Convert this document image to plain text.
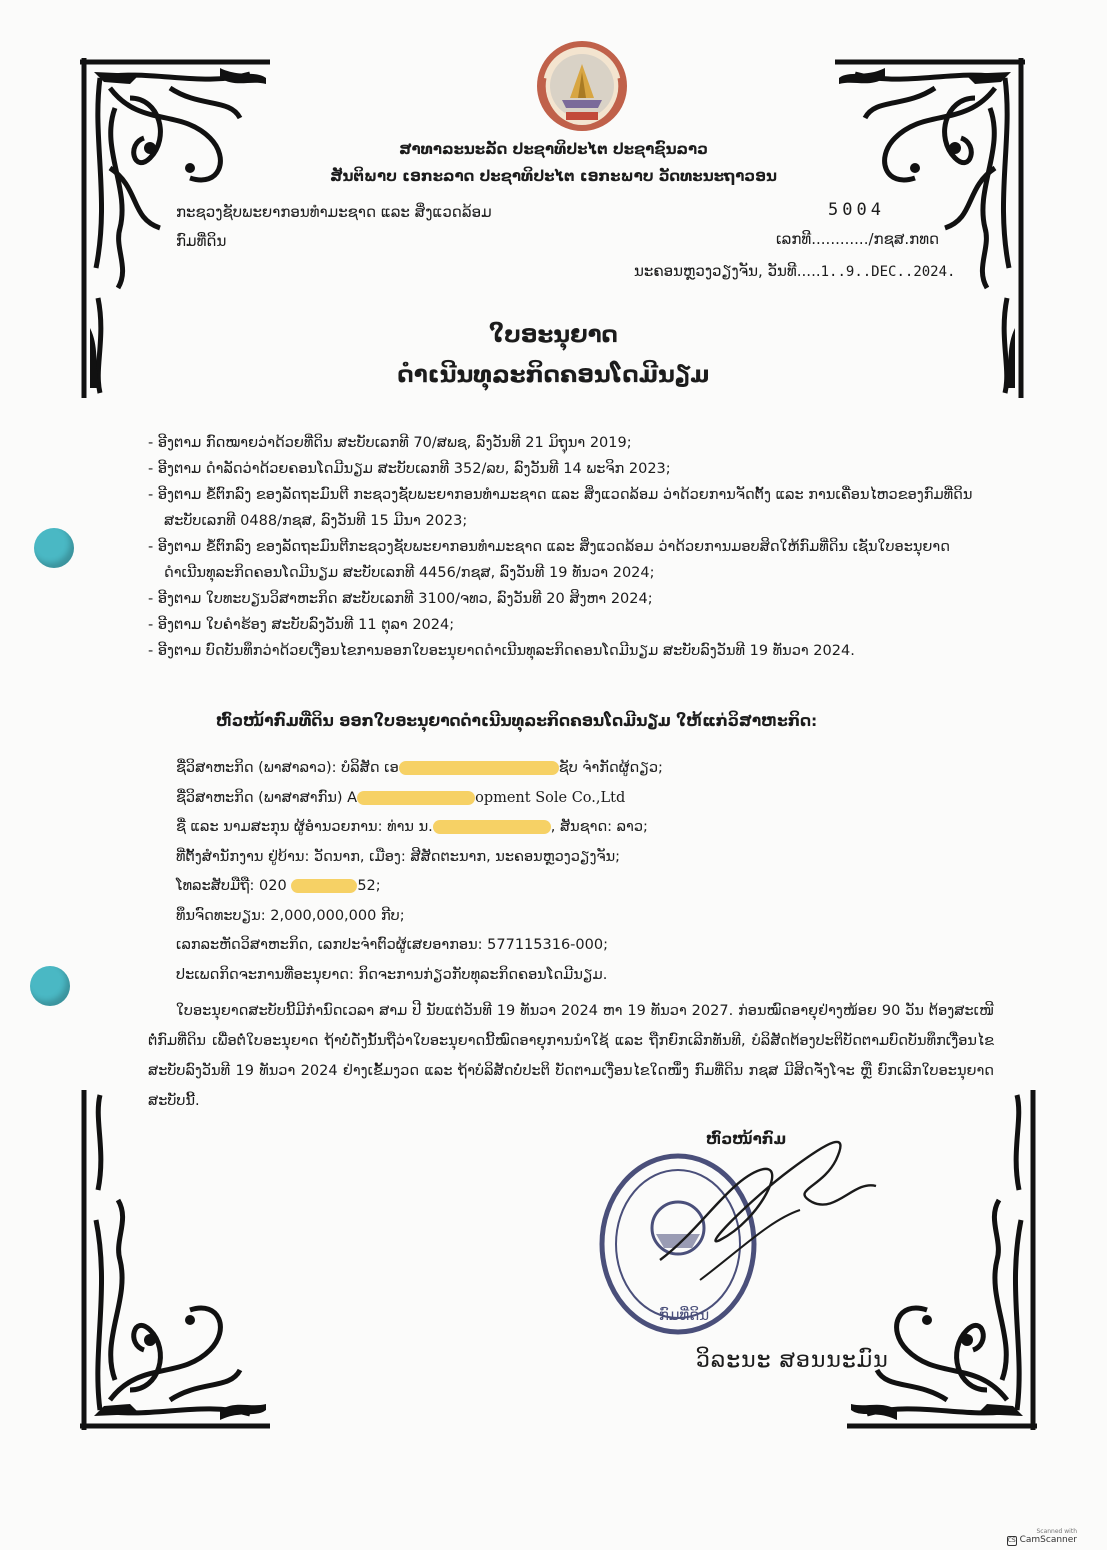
ສາທາລະນະລັດ ປະຊາທິປະໄຕ ປະຊາຊົນລາວ
ສັນຕິພາບ ເອກະລາດ ປະຊາທິປະໄຕ ເອກະພາບ ວັດທະນະຖາວອນ
ກະຊວງຊັບພະຍາກອນທຳມະຊາດ ແລະ ສິ່ງແວດລ້ອມ
ກົມທີ່ດິນ
5004
ເລກທີ............/ກຊສ.ກທດ
ນະຄອນຫຼວງວຽງຈັນ, ວັນທີ.....1..9..DEC..2024.
ໃບອະນຸຍາດ
ດຳເນີນທຸລະກິດຄອນໂດມີນຽມ

- ອີງຕາມ ກົດໝາຍວ່າດ້ວຍທີ່ດິນ ສະບັບເລກທີ 70/ສພຊ, ລົງວັນທີ 21 ມິຖຸນາ 2019;

- ອີງຕາມ ດຳລັດວ່າດ້ວຍຄອນໂດມີນຽມ ສະບັບເລກທີ 352/ລບ, ລົງວັນທີ 14 ພະຈິກ 2023;

- ອີງຕາມ ຂໍ້ຕົກລົງ ຂອງລັດຖະມົນຕີ ກະຊວງຊັບພະຍາກອນທຳມະຊາດ ແລະ ສິ່ງແວດລ້ອມ ວ່າດ້ວຍການຈັດຕັ້ງ ແລະ ການເຄື່ອນໄຫວຂອງກົມທີ່ດິນ ສະບັບເລກທີ 0488/ກຊສ, ລົງວັນທີ 15 ມີນາ 2023;

- ອີງຕາມ ຂໍ້ຕົກລົງ ຂອງລັດຖະມົນຕີກະຊວງຊັບພະຍາກອນທຳມະຊາດ ແລະ ສິ່ງແວດລ້ອມ ວ່າດ້ວຍການມອບສິດໃຫ້ກົມທີ່ດິນ ເຊັນໃບອະນຸຍາດດຳເນີນທຸລະກິດຄອນໂດມີນຽມ ສະບັບເລກທີ 4456/ກຊສ, ລົງວັນທີ 19 ທັນວາ 2024;

- ອີງຕາມ ໃບທະບຽນວິສາຫະກິດ ສະບັບເລກທີ 3100/ຈທວ, ລົງວັນທີ 20 ສິງຫາ 2024;

- ອີງຕາມ ໃບຄຳຮ້ອງ ສະບັບລົງວັນທີ 11 ຕຸລາ 2024;

- ອີງຕາມ ບົດບັນທຶກວ່າດ້ວຍເງື່ອນໄຂການອອກໃບອະນຸຍາດດຳເນີນທຸລະກິດຄອນໂດມີນຽມ ສະບັບລົງວັນທີ 19 ທັນວາ 2024.

ຫົວໜ້າກົມທີ່ດິນ ອອກໃບອະນຸຍາດດຳເນີນທຸລະກິດຄອນໂດມີນຽມ ໃຫ້ແກ່ວິສາຫະກິດ:
ຊື່ວິສາຫະກິດ (ພາສາລາວ): ບໍລິສັດ ເອ	ຊັບ ຈຳກັດຜູ້ດຽວ;
ຊື່ວິສາຫະກິດ (ພາສາສາກົນ) A	opment Sole Co.,Ltd
ຊື່ ແລະ ນາມສະກຸນ ຜູ້ອຳນວຍການ: ທ່ານ ນ.	, ສັນຊາດ: ລາວ;
ທີ່ຕັ້ງສຳນັກງານ ຢູ່ບ້ານ: ວັດນາກ, ເມືອງ: ສີສັດຕະນາກ, ນະຄອນຫຼວງວຽງຈັນ;
ໂທລະສັບມືຖື: 020	52;
ທຶນຈົດທະບຽນ: 2,000,000,000 ກີບ;
ເລກລະຫັດວິສາຫະກິດ, ເລກປະຈຳຕົວຜູ້ເສຍອາກອນ: 577115316-000;
ປະເພດກິດຈະການທີ່ອະນຸຍາດ: ກິດຈະການກ່ຽວກັບທຸລະກິດຄອນໂດມີນຽມ.
ໃບອະນຸຍາດສະບັບນີ້ມີກຳນົດເວລາ ສາມ ປີ ນັບແຕ່ວັນທີ 19 ທັນວາ 2024 ຫາ 19 ທັນວາ 2027. ກ່ອນໝົດອາຍຸຢ່າງໜ້ອຍ 90 ວັນ ຕ້ອງສະເໜີຕໍ່ກົມທີ່ດິນ ເພື່ອຕໍ່ໃບອະນຸຍາດ ຖ້າບໍ່ດັ່ງນັ້ນຖືວ່າໃບອະນຸຍາດນີ້ໝົດອາຍຸການນຳໃຊ້ ແລະ ຖືກຍົກເລີກທັນທີ, ບໍລິສັດຕ້ອງປະຕິບັດຕາມບົດບັນທຶກເງື່ອນໄຂສະບັບລົງວັນທີ 19 ທັນວາ 2024 ຢ່າງເຂັ້ມງວດ ແລະ ຖ້າບໍລິສັດບໍ່ປະຕິ ບັດຕາມເງື່ອນໄຂໃດໜຶ່ງ ກົມທີ່ດິນ ກຊສ ມີສິດຈັ່ງໂຈະ ຫຼື ຍົກເລີກໃບອະນຸຍາດສະບັບນີ້.
ຫົວໜ້າກົມ
ກົມທີ່ດິນ
ວິລະນະ ສອນນະມົນ
Scanned with
CS CamScanner
